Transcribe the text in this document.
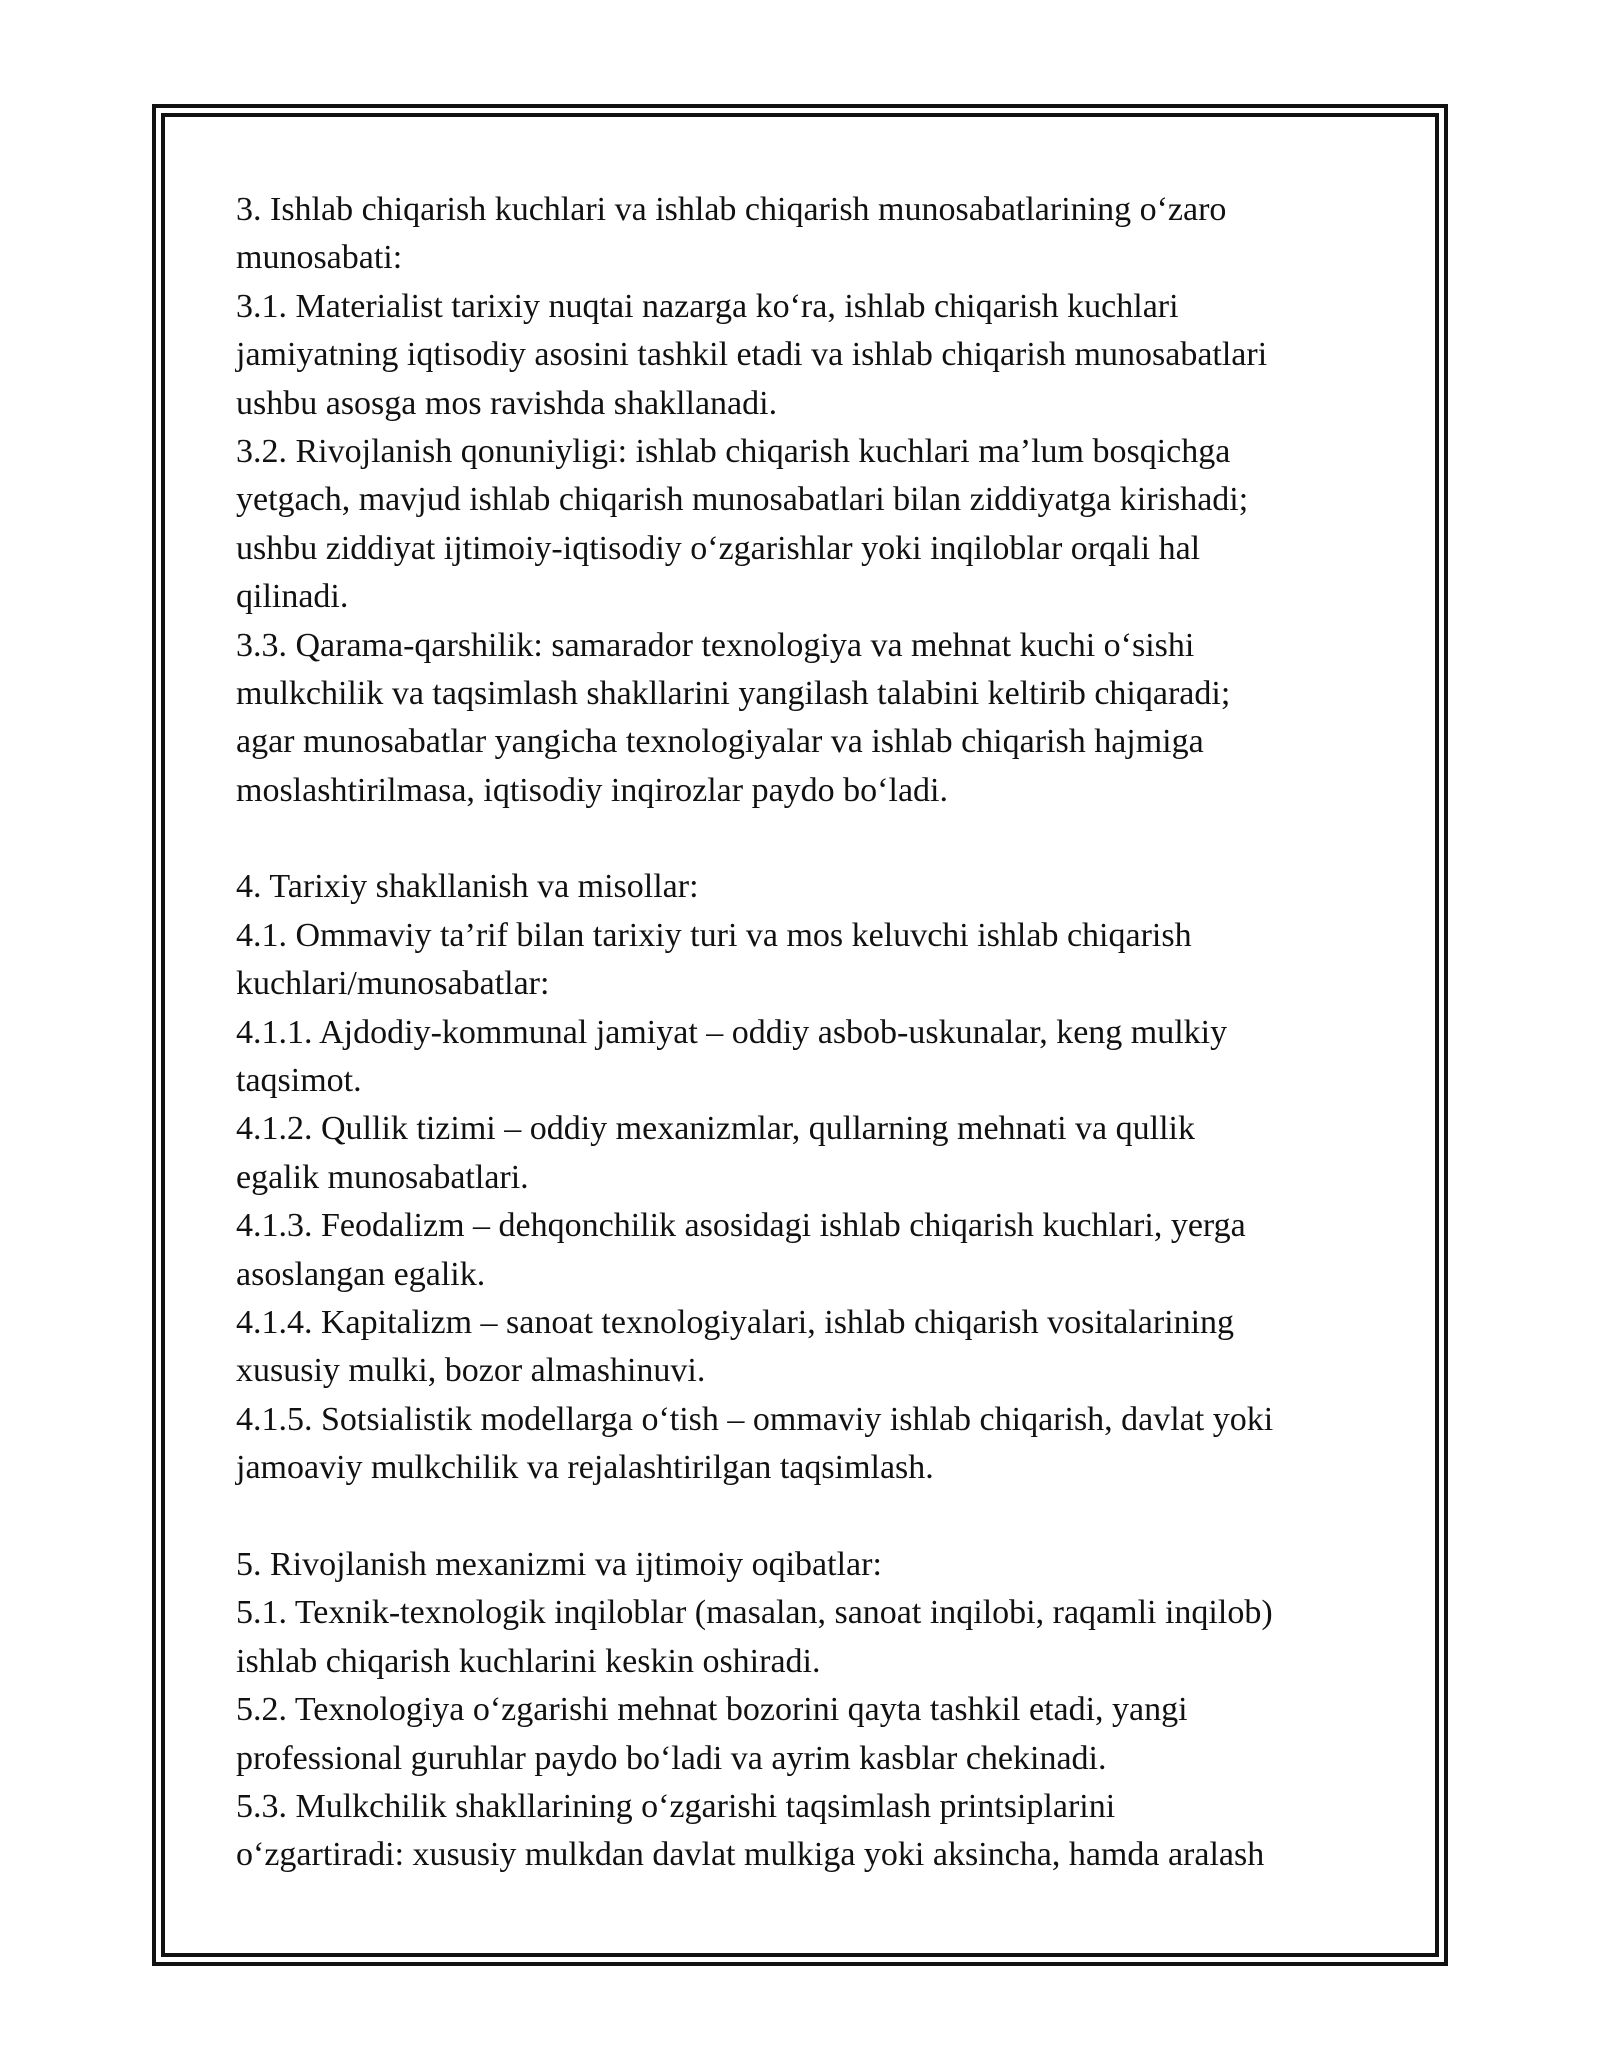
3. Ishlab chiqarish kuchlari va ishlab chiqarish munosabatlarining o‘zaro
munosabati:
3.1. Materialist tarixiy nuqtai nazarga ko‘ra, ishlab chiqarish kuchlari
jamiyatning iqtisodiy asosini tashkil etadi va ishlab chiqarish munosabatlari
ushbu asosga mos ravishda shakllanadi.
3.2. Rivojlanish qonuniyligi: ishlab chiqarish kuchlari ma’lum bosqichga
yetgach, mavjud ishlab chiqarish munosabatlari bilan ziddiyatga kirishadi;
ushbu ziddiyat ijtimoiy-iqtisodiy o‘zgarishlar yoki inqiloblar orqali hal
qilinadi.
3.3. Qarama-qarshilik: samarador texnologiya va mehnat kuchi o‘sishi
mulkchilik va taqsimlash shakllarini yangilash talabini keltirib chiqaradi;
agar munosabatlar yangicha texnologiyalar va ishlab chiqarish hajmiga
moslashtirilmasa, iqtisodiy inqirozlar paydo bo‘ladi.
4. Tarixiy shakllanish va misollar:
4.1. Ommaviy ta’rif bilan tarixiy turi va mos keluvchi ishlab chiqarish
kuchlari/munosabatlar:
4.1.1. Ajdodiy-kommunal jamiyat – oddiy asbob-uskunalar, keng mulkiy
taqsimot.
4.1.2. Qullik tizimi – oddiy mexanizmlar, qullarning mehnati va qullik
egalik munosabatlari.
4.1.3. Feodalizm – dehqonchilik asosidagi ishlab chiqarish kuchlari, yerga
asoslangan egalik.
4.1.4. Kapitalizm – sanoat texnologiyalari, ishlab chiqarish vositalarining
xususiy mulki, bozor almashinuvi.
4.1.5. Sotsialistik modellarga o‘tish – ommaviy ishlab chiqarish, davlat yoki
jamoaviy mulkchilik va rejalashtirilgan taqsimlash.
5. Rivojlanish mexanizmi va ijtimoiy oqibatlar:
5.1. Texnik-texnologik inqiloblar (masalan, sanoat inqilobi, raqamli inqilob)
ishlab chiqarish kuchlarini keskin oshiradi.
5.2. Texnologiya o‘zgarishi mehnat bozorini qayta tashkil etadi, yangi
professional guruhlar paydo bo‘ladi va ayrim kasblar chekinadi.
5.3. Mulkchilik shakllarining o‘zgarishi taqsimlash printsiplarini
o‘zgartiradi: xususiy mulkdan davlat mulkiga yoki aksincha, hamda aralash
